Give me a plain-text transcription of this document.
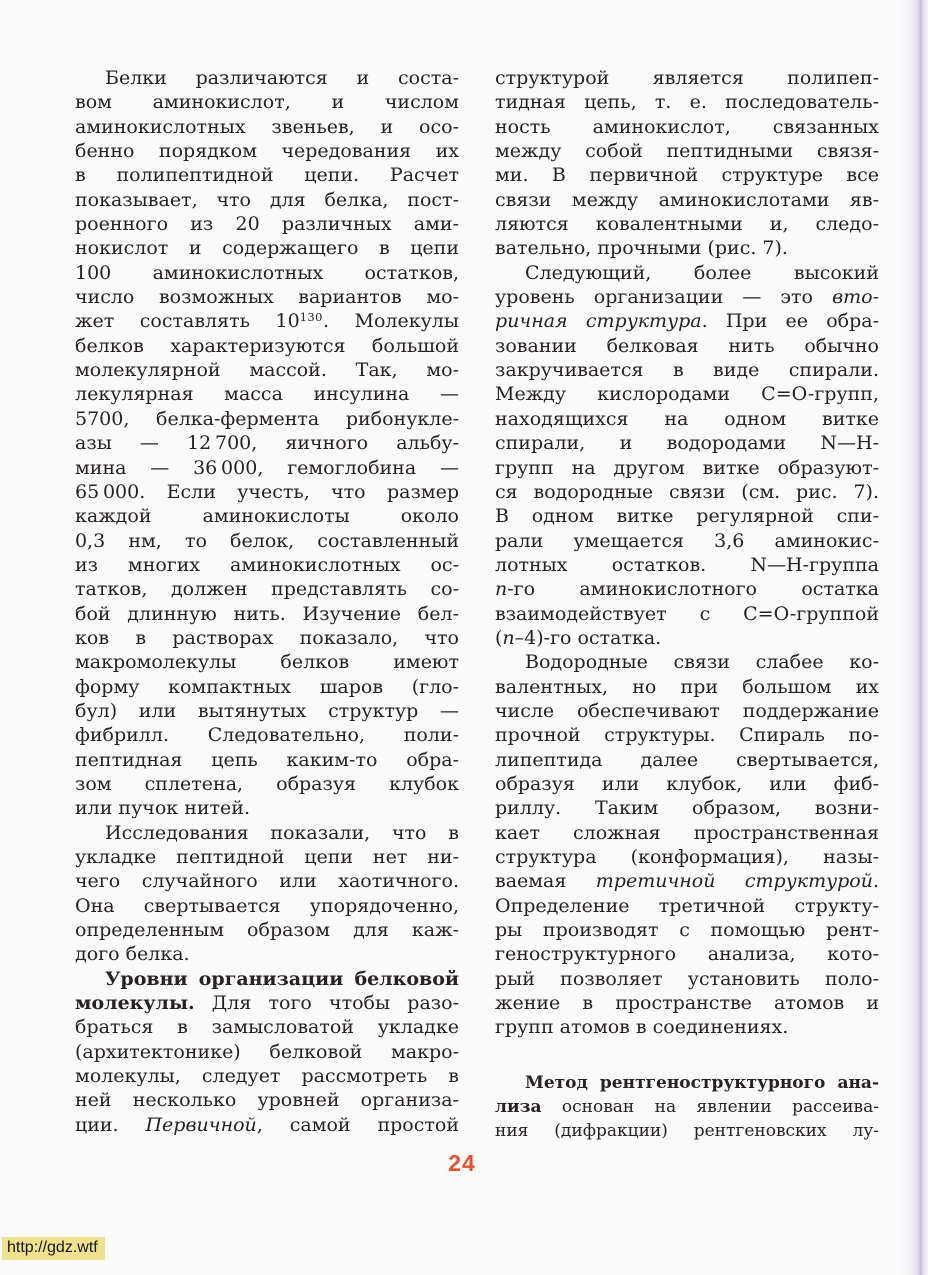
Белки различаются и соста-
вом аминокислот, и числом
аминокислотных звеньев, и осо-
бенно порядком чередования их
в полипептидной цепи. Расчет
показывает, что для белка, пост-
роенного из 20 различных ами-
нокислот и содержащего в цепи
100 аминокислотных остатков,
число возможных вариантов мо-
жет составлять $10^{130}$. Молекулы
белков характеризуются большой
молекулярной массой. Так, мо-
лекулярная масса инсулина —
5700, белка-фермента рибонукле-
азы — 12 700, яичного альбу-
мина — 36 000, гемоглобина —
65 000. Если учесть, что размер
каждой аминокислоты около
0,3 нм, то белок, составленный
из многих аминокислотных ос-
татков, должен представлять со-
бой длинную нить. Изучение бел-
ков в растворах показало, что
макромолекулы белков имеют
форму компактных шаров (гло-
бул) или вытянутых структур —
фибрилл. Следовательно, поли-
пептидная цепь каким-то обра-
зом сплетена, образуя клубок
или пучок нитей.
Исследования показали, что в
укладке пептидной цепи нет ни-
чего случайного или хаотичного.
Она свертывается упорядоченно,
определенным образом для каж-
дого белка.
Уровни организации белковой
молекулы. Для того чтобы разо-
браться в замысловатой укладке
(архитектонике) белковой макро-
молекулы, следует рассмотреть в
ней несколько уровней организа-
ции. Первичной, самой простой
структурой является полипеп-
тидная цепь, т. е. последователь-
ность аминокислот, связанных
между собой пептидными связя-
ми. В первичной структуре все
связи между аминокислотами яв-
ляются ковалентными и, следо-
вательно, прочными (рис. 7).
Следующий, более высокий
уровень организации — это вто-
ричная структура. При ее обра-
зовании белковая нить обычно
закручивается в виде спирали.
Между кислородами C=O-групп,
находящихся на одном витке
спирали, и водородами N—H-
групп на другом витке образуют-
ся водородные связи (см. рис. 7).
В одном витке регулярной спи-
рали умещается 3,6 аминокис-
лотных остатков. N—H-группа
n-го аминокислотного остатка
взаимодействует с C=O-группой
(n–4)-го остатка.
Водородные связи слабее ко-
валентных, но при большом их
числе обеспечивают поддержание
прочной структуры. Спираль по-
липептида далее свертывается,
образуя или клубок, или фиб-
риллу. Таким образом, возни-
кает сложная пространственная
структура (конформация), назы-
ваемая третичной структурой.
Определение третичной структу-
ры производят с помощью рент-
геноструктурного анализа, кото-
рый позволяет установить поло-
жение в пространстве атомов и
групп атомов в соединениях.
Метод рентгеноструктурного ана-
лиза основан на явлении рассеива-
ния (дифракции) рентгеновских лу-
24
http://gdz.wtf
